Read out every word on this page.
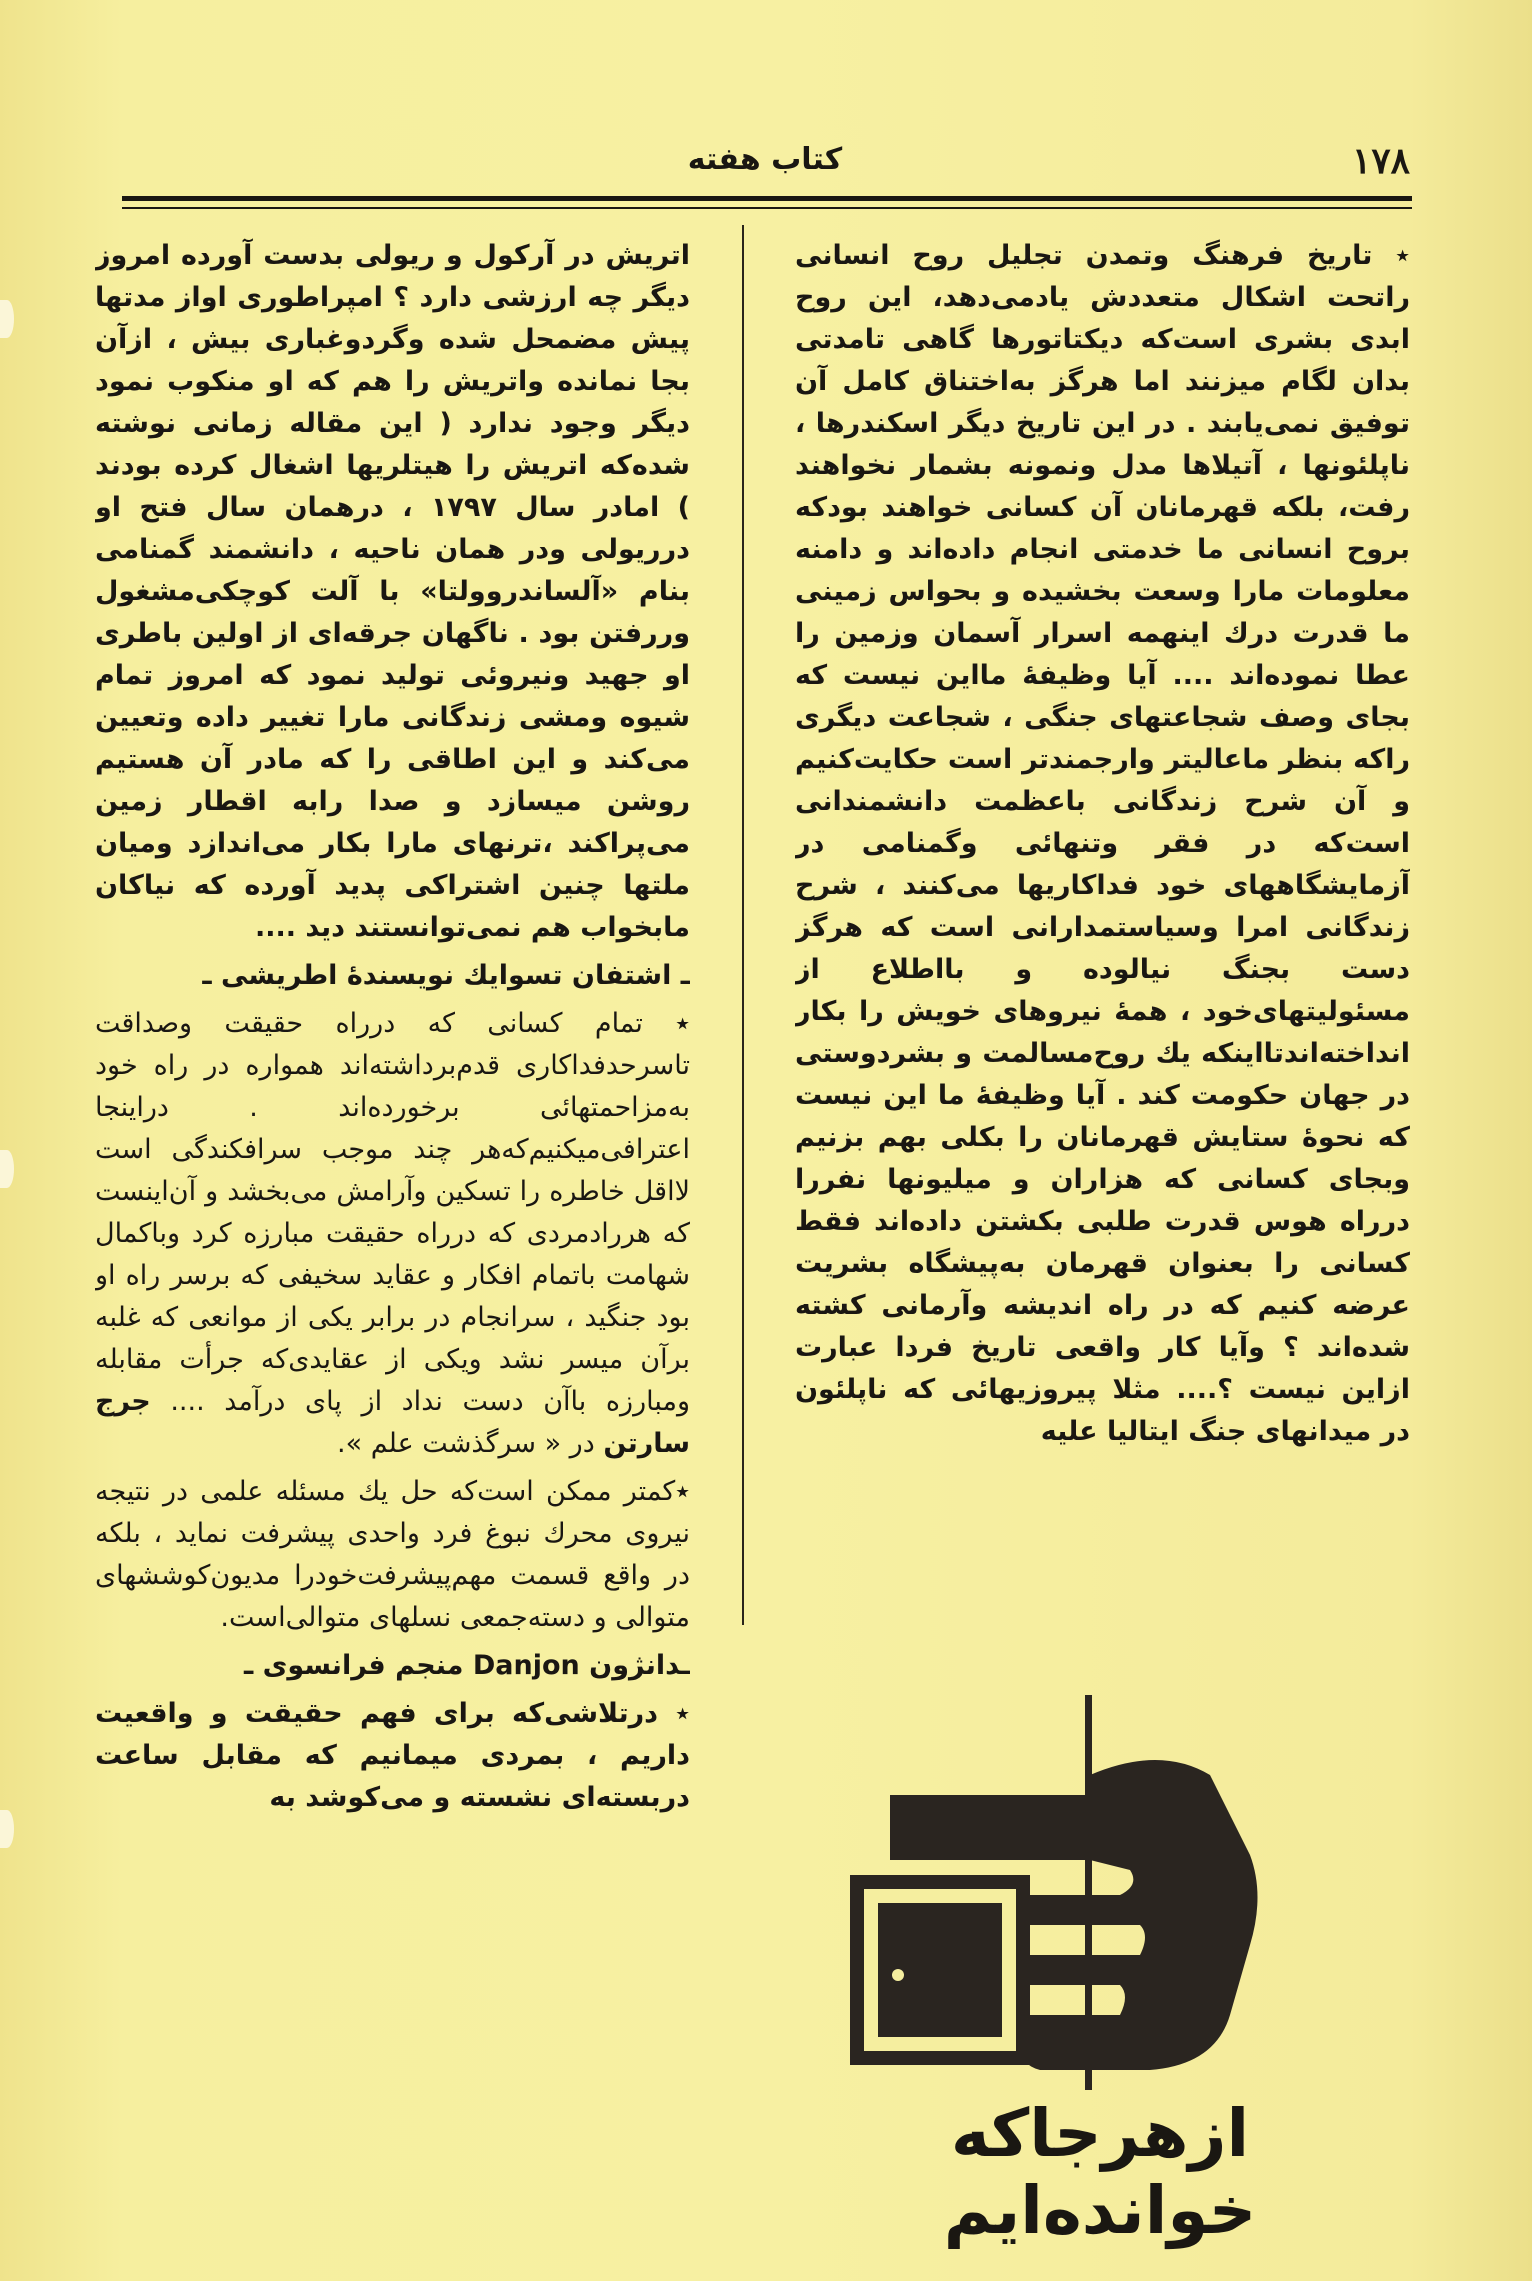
۱۷۸
کتاب هفته

٭ تاریخ فرهنگ وتمدن تجلیل روح انسانی راتحت اشکال متعددش یادمی‌دهد، این روح ابدی بشری است‌که دیکتاتورها گاهی تامدتی بدان لگام میزنند اما هرگز به‌اختناق کامل آن توفیق نمی‌یابند . در این تاریخ دیگر اسکندرها ، ناپلئونها ، آتیلاها مدل ونمونه بشمار نخواهند رفت، بلکه قهرمانان آن کسانی خواهند بودکه بروح انسانی ما خدمتی انجام داده‌اند و دامنه معلومات مارا وسعت بخشیده و بحواس زمینی ما قدرت درك اینهمه اسرار آسمان وزمین را عطا نموده‌اند .... آیا وظیفهٔ مااین نیست که بجای وصف شجاعتهای جنگی ، شجاعت دیگری راکه بنظر ماعالیتر وارجمندتر است حکایت‌کنیم و آن شرح زندگانی باعظمت دانشمندانی است‌که در فقر وتنهائی وگمنامی در آزمایشگاههای خود فداکاریها می‌کنند ، شرح زندگانی امرا وسیاستمدارانی است که هرگز دست بجنگ نیالوده و بااطلاع از مسئولیتهای‌خود ، همهٔ نیروهای خویش را بکار انداخته‌اندتااینکه یك روح‌مسالمت و بشردوستی در جهان حکومت کند . آیا وظیفهٔ ما این نیست که نحوهٔ ستایش قهرمانان را بکلی بهم بزنیم وبجای کسانی که هزاران و میلیونها نفررا درراه هوس قدرت طلبی بکشتن داده‌اند فقط کسانی را بعنوان قهرمان به‌پیشگاه بشریت عرضه کنیم که در راه اندیشه وآرمانی کشته شده‌اند ؟ وآیا کار واقعی تاریخ فردا عبارت ازاین نیست ؟.... مثلا پیروزیهائی که ناپلئون در میدانهای جنگ ایتالیا علیه

اتریش در آرکول و ریولی بدست آورده امروز دیگر چه ارزشی دارد ؟ امپراطوری اواز مدتها پیش مضمحل شده وگردوغباری بیش ، ازآن بجا نمانده واتریش را هم که او منکوب نمود دیگر وجود ندارد ( این مقاله زمانی نوشته شده‌که اتریش را هیتلریها اشغال کرده بودند ) امادر سال ۱۷۹۷ ، درهمان سال فتح او درریولی ودر همان ناحیه ، دانشمند گمنامی بنام «آلساندروولتا» با آلت کوچکی‌مشغول وررفتن بود . ناگهان جرقه‌ای از اولین باطری او جهید ونیروئی تولید نمود که امروز تمام شیوه ومشی زندگانی مارا تغییر داده وتعیین می‌کند و این اطاقی را که مادر آن هستیم روشن میسازد و صدا رابه اقطار زمین می‌پراکند ،ترنهای مارا بکار می‌اندازد ومیان ملتها چنین اشتراکی پدید آورده که نیاکان مابخواب هم نمی‌توانستند دید ....

ـ اشتفان تسوایك نویسندهٔ اطریشی ـ

٭ تمام کسانی که درراه حقیقت وصداقت تاسرحدفداکاری قدم‌برداشته‌اند همواره در راه خود به‌مزاحمتهائی برخورده‌اند . دراینجا اعترافی‌میکنیم‌که‌هر چند موجب سرافکندگی است لااقل خاطره را تسکین وآرامش می‌بخشد و آن‌اینست که هررادمردی که درراه حقیقت مبارزه کرد وباکمال شهامت باتمام افکار و عقاید سخیفی که برسر راه او بود جنگید ، سرانجام در برابر یکی از موانعی که غلبه برآن میسر نشد ویکی از عقایدی‌که جرأت مقابله ومبارزه باآن دست نداد از پای درآمد .... جرج سارتن در « سرگذشت علم ».

٭کمتر ممکن است‌که حل یك مسئله علمی در نتیجه نیروی محرك نبوغ فرد واحدی پیشرفت نماید ، بلکه در واقع قسمت مهم‌پیشرفت‌خودرا مدیون‌کوششهای متوالی و دسته‌جمعی نسلهای متوالی‌است.

ـدانژون Danjon منجم فرانسوی ـ

٭ درتلاشی‌که برای فهم حقیقت و واقعیت داریم ، بمردی میمانیم که مقابل ساعت دربسته‌ای نشسته و می‌کوشد به

ازهرجاکه خوانده‌ایم
